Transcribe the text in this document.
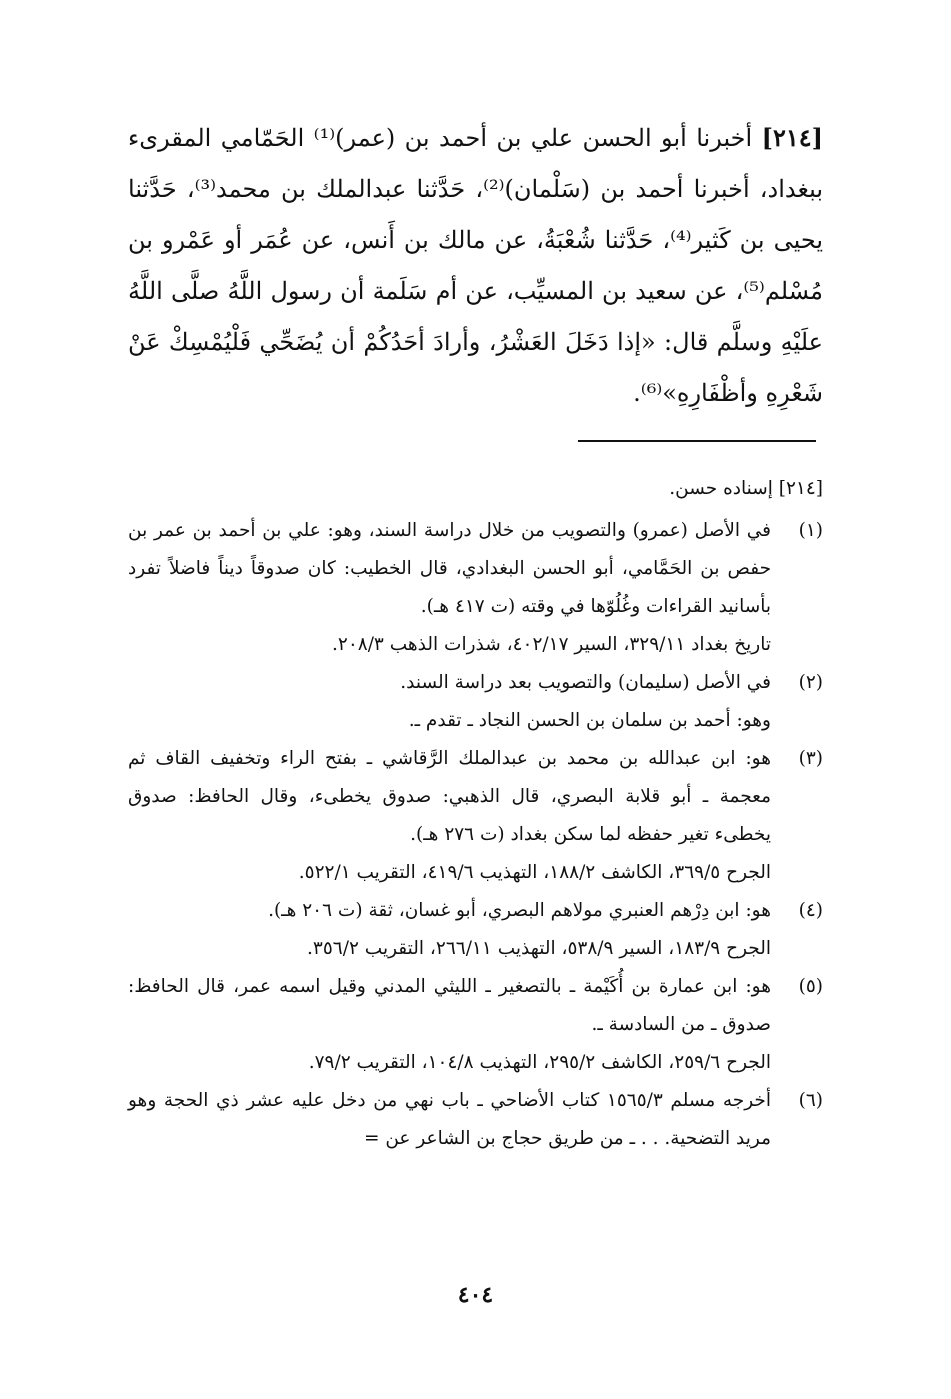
[٢١٤] أخبرنا أبو الحسن علي بن أحمد بن (عمر)⁽¹⁾ الحَمّامي المقرىء ببغداد، أخبرنا أحمد بن (سَلْمان)⁽²⁾، حَدَّثنا عبدالملك بن محمد⁽³⁾، حَدَّثنا يحيى بن كَثير⁽⁴⁾، حَدَّثنا شُعْبَةُ، عن مالك بن أَنس، عن عُمَر أو عَمْرو بن مُسْلم⁽⁵⁾، عن سعيد بن المسيِّب، عن أم سَلَمة أن رسول اللَّهُ صلَّى اللَّهُ علَيْهِ وسلَّم قال: «إذا دَخَلَ العَشْرُ، وأرادَ أحَدُكُمْ أن يُضَحِّي فَلْيُمْسِكْ عَنْ شَعْرِهِ وأظْفَارِهِ»⁽⁶⁾.
[٢١٤] إسناده حسن.
(١)

في الأصل (عمرو) والتصويب من خلال دراسة السند، وهو: علي بن أحمد بن عمر بن حفص بن الحَمَّامي، أبو الحسن البغدادي، قال الخطيب: كان صدوقاً ديناً فاضلاً تفرد بأسانيد القراءات وغُلُوّها في وقته (ت ٤١٧ هـ).

تاريخ بغداد ٣٢٩/١١، السير ٤٠٢/١٧، شذرات الذهب ٢٠٨/٣.

(٢)

في الأصل (سليمان) والتصويب بعد دراسة السند.

وهو: أحمد بن سلمان بن الحسن النجاد ـ تقدم ـ.

(٣)

هو: ابن عبدالله بن محمد بن عبدالملك الرَّقاشي ـ بفتح الراء وتخفيف القاف ثم معجمة ـ أبو قلابة البصري، قال الذهبي: صدوق يخطىء، وقال الحافظ: صدوق يخطىء تغير حفظه لما سكن بغداد (ت ٢٧٦ هـ).

الجرح ٣٦٩/٥، الكاشف ١٨٨/٢، التهذيب ٤١٩/٦، التقريب ٥٢٢/١.

(٤)

هو: ابن دِرْهم العنبري مولاهم البصري، أبو غسان، ثقة (ت ٢٠٦ هـ).

الجرح ١٨٣/٩، السير ٥٣٨/٩، التهذيب ٢٦٦/١١، التقريب ٣٥٦/٢.

(٥)

هو: ابن عمارة بن أُكَيْمة ـ بالتصغير ـ الليثي المدني وقيل اسمه عمر، قال الحافظ: صدوق ـ من السادسة ـ.

الجرح ٢٥٩/٦، الكاشف ٢٩٥/٢، التهذيب ١٠٤/٨، التقريب ٧٩/٢.

(٦)

أخرجه مسلم ١٥٦٥/٣ كتاب الأضاحي ـ باب نهي من دخل عليه عشر ذي الحجة وهو مريد التضحية. . . ـ من طريق حجاج بن الشاعر عن =

٤٠٤
